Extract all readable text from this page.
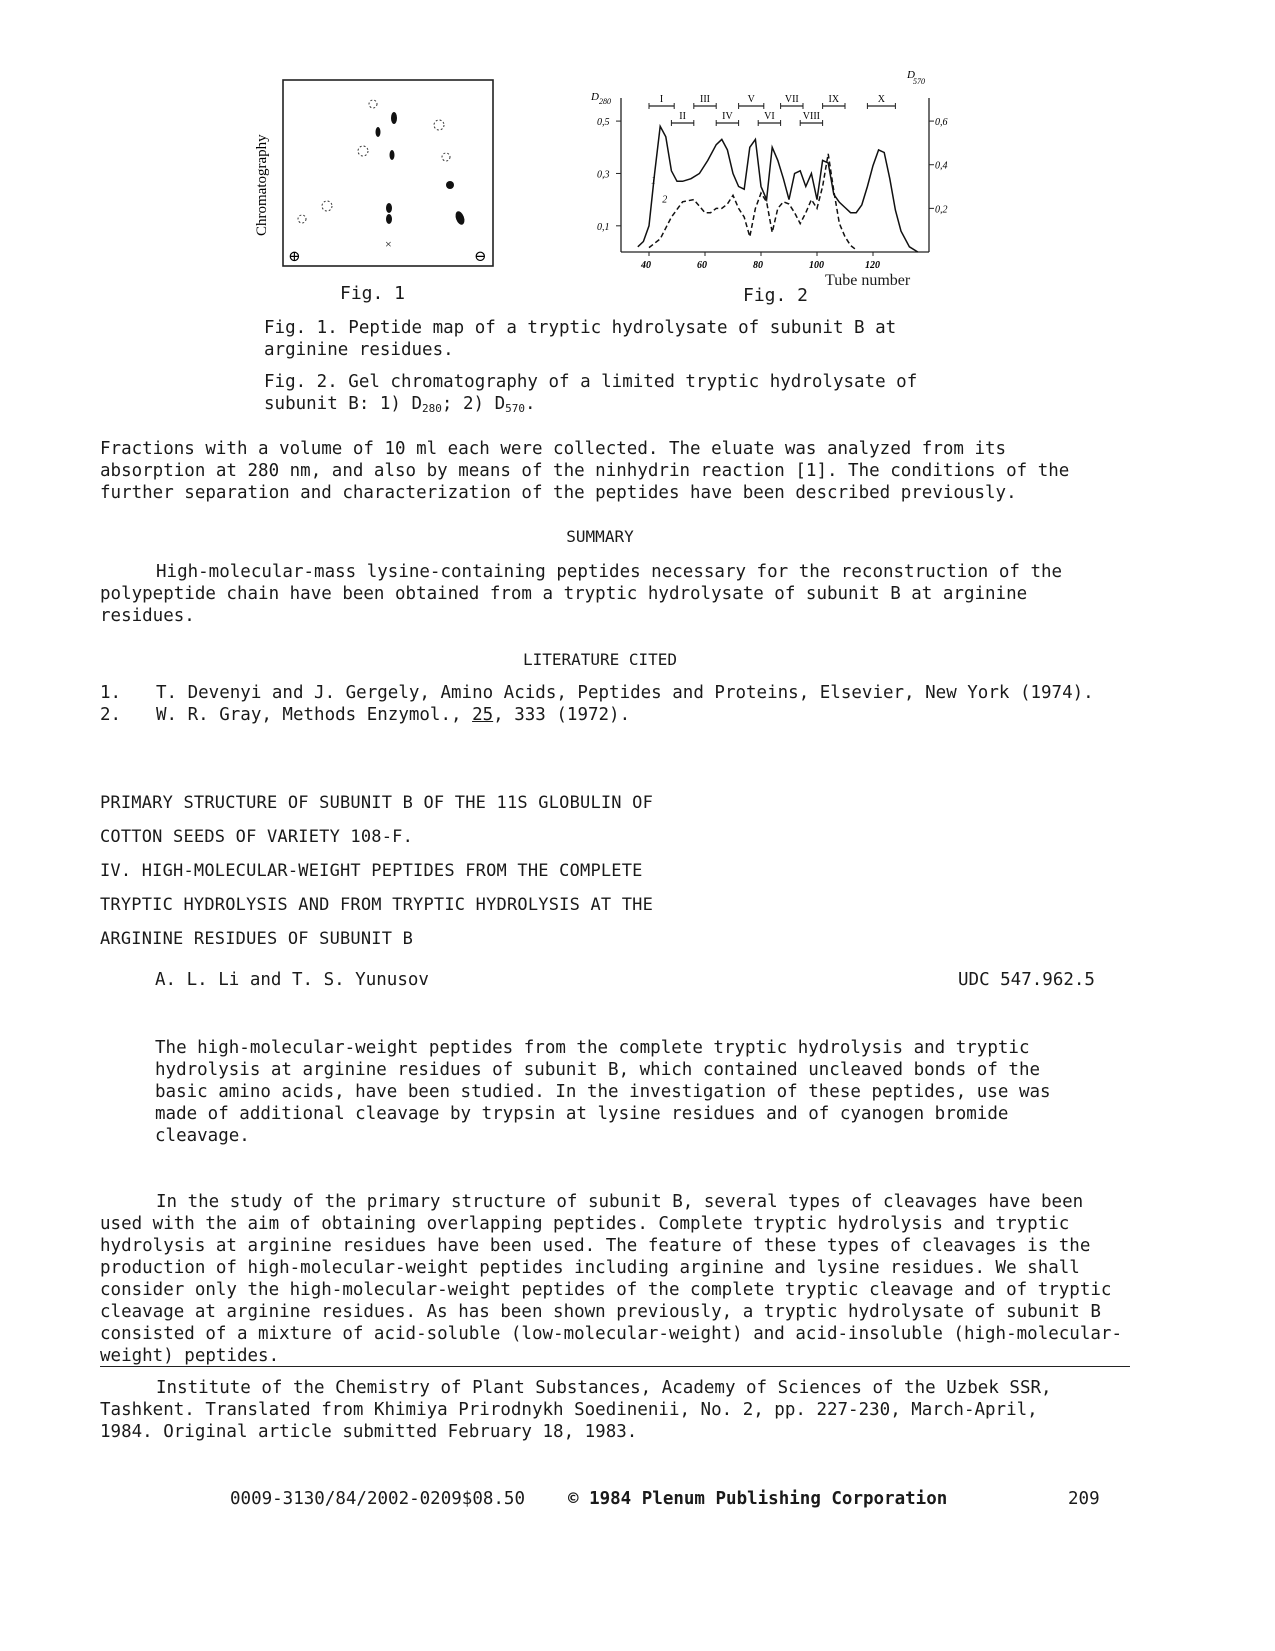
Chromatography
×
⊕	⊖
Fig. 1
0,1
0,3
0,5
0,2
0,4
0,6
40	60	80	100	120
D 280
D
570
1
2
I	III	V	VII	IX	X
II	IV	VI	VIII
Fig. 2
Tube number
Fig. 1. Peptide map of a tryptic hydrolysate of subunit B at arginine residues.
Fig. 2. Gel chromatography of a limited tryptic hydrolysate of subunit B: 1) $D_{280}$; 2) $D_{570}$.
Fractions with a volume of 10 ml each were collected. The eluate was analyzed from its absorption at 280 nm, and also by means of the ninhydrin reaction [1]. The conditions of the further separation and characterization of the peptides have been described previously.
SUMMARY
High-molecular-mass lysine-containing peptides necessary for the reconstruction of the polypeptide chain have been obtained from a tryptic hydrolysate of subunit B at arginine residues.
LITERATURE CITED
1.	T. Devenyi and J. Gergely, Amino Acids, Peptides and Proteins, Elsevier, New York (1974).
2.	W. R. Gray, Methods Enzymol., 25, 333 (1972).

PRIMARY STRUCTURE OF SUBUNIT B OF THE 11S GLOBULIN OF

COTTON SEEDS OF VARIETY 108-F.

IV. HIGH-MOLECULAR-WEIGHT PEPTIDES FROM THE COMPLETE

TRYPTIC HYDROLYSIS AND FROM TRYPTIC HYDROLYSIS AT THE

ARGININE RESIDUES OF SUBUNIT B

A. L. Li and T. S. Yunusov	UDC 547.962.5
The high-molecular-weight peptides from the complete tryptic hydrolysis and tryptic hydrolysis at arginine residues of subunit B, which contained uncleaved bonds of the basic amino acids, have been studied. In the investigation of these peptides, use was made of additional cleavage by trypsin at lysine residues and of cyanogen bromide cleavage.
In the study of the primary structure of subunit B, several types of cleavages have been used with the aim of obtaining overlapping peptides. Complete tryptic hydrolysis and tryptic hydrolysis at arginine residues have been used. The feature of these types of cleavages is the production of high-molecular-weight peptides including arginine and lysine residues. We shall consider only the high-molecular-weight peptides of the complete tryptic cleavage and of tryptic cleavage at arginine residues. As has been shown previously, a tryptic hydrolysate of subunit B consisted of a mixture of acid-soluble (low-molecular-weight) and acid-insoluble (high-molecular-weight) peptides.
Institute of the Chemistry of Plant Substances, Academy of Sciences of the Uzbek SSR, Tashkent. Translated from Khimiya Prirodnykh Soedinenii, No. 2, pp. 227-230, March-April, 1984. Original article submitted February 18, 1983.
0009-3130/84/2002-0209$08.50 © 1984 Plenum Publishing Corporation	209
